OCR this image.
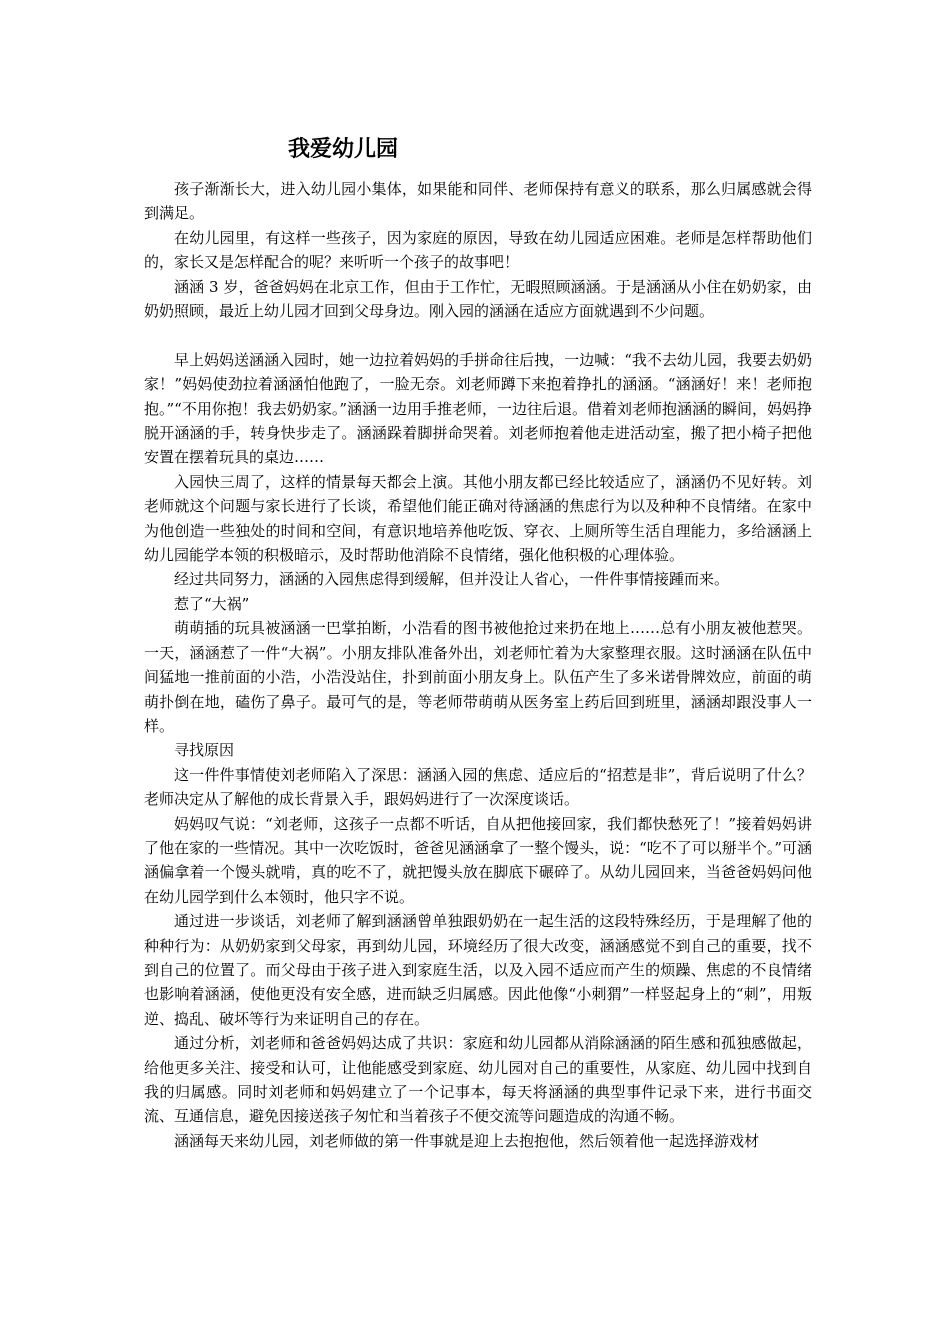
我爱幼儿园

孩子渐渐长大，进入幼儿园小集体，如果能和同伴、老师保持有意义的联系，那么归属感就会得到满足。

在幼儿园里，有这样一些孩子，因为家庭的原因，导致在幼儿园适应困难。老师是怎样帮助他们的，家长又是怎样配合的呢？来听听一个孩子的故事吧！

涵涵 3 岁，爸爸妈妈在北京工作，但由于工作忙，无暇照顾涵涵。于是涵涵从小住在奶奶家，由奶奶照顾，最近上幼儿园才回到父母身边。刚入园的涵涵在适应方面就遇到不少问题。

早上妈妈送涵涵入园时，她一边拉着妈妈的手拼命往后拽，一边喊：“我不去幼儿园，我要去奶奶家！”妈妈使劲拉着涵涵怕他跑了，一脸无奈。刘老师蹲下来抱着挣扎的涵涵。“涵涵好！来！老师抱抱。”“不用你抱！我去奶奶家。”涵涵一边用手推老师，一边往后退。借着刘老师抱涵涵的瞬间，妈妈挣脱开涵涵的手，转身快步走了。涵涵跺着脚拼命哭着。刘老师抱着他走进活动室，搬了把小椅子把他安置在摆着玩具的桌边……

入园快三周了，这样的情景每天都会上演。其他小朋友都已经比较适应了，涵涵仍不见好转。刘老师就这个问题与家长进行了长谈，希望他们能正确对待涵涵的焦虑行为以及种种不良情绪。在家中为他创造一些独处的时间和空间，有意识地培养他吃饭、穿衣、上厕所等生活自理能力，多给涵涵上幼儿园能学本领的积极暗示，及时帮助他消除不良情绪，强化他积极的心理体验。

经过共同努力，涵涵的入园焦虑得到缓解，但并没让人省心，一件件事情接踵而来。

惹了“大祸”

萌萌插的玩具被涵涵一巴掌拍断，小浩看的图书被他抢过来扔在地上……总有小朋友被他惹哭。一天，涵涵惹了一件“大祸”。小朋友排队准备外出，刘老师忙着为大家整理衣服。这时涵涵在队伍中间猛地一推前面的小浩，小浩没站住，扑到前面小朋友身上。队伍产生了多米诺骨牌效应，前面的萌萌扑倒在地，磕伤了鼻子。最可气的是，等老师带萌萌从医务室上药后回到班里，涵涵却跟没事人一样。

寻找原因

这一件件事情使刘老师陷入了深思：涵涵入园的焦虑、适应后的“招惹是非”，背后说明了什么？老师决定从了解他的成长背景入手，跟妈妈进行了一次深度谈话。

妈妈叹气说：“刘老师，这孩子一点都不听话，自从把他接回家，我们都快愁死了！”接着妈妈讲了他在家的一些情况。其中一次吃饭时，爸爸见涵涵拿了一整个馒头，说：“吃不了可以掰半个。”可涵涵偏拿着一个馒头就啃，真的吃不了，就把馒头放在脚底下碾碎了。从幼儿园回来，当爸爸妈妈问他在幼儿园学到什么本领时，他只字不说。

通过进一步谈话，刘老师了解到涵涵曾单独跟奶奶在一起生活的这段特殊经历，于是理解了他的种种行为：从奶奶家到父母家，再到幼儿园，环境经历了很大改变，涵涵感觉不到自己的重要，找不到自己的位置了。而父母由于孩子进入到家庭生活，以及入园不适应而产生的烦躁、焦虑的不良情绪也影响着涵涵，使他更没有安全感，进而缺乏归属感。因此他像“小刺猬”一样竖起身上的“刺”，用叛逆、捣乱、破坏等行为来证明自己的存在。

通过分析，刘老师和爸爸妈妈达成了共识：家庭和幼儿园都从消除涵涵的陌生感和孤独感做起，给他更多关注、接受和认可，让他能感受到家庭、幼儿园对自己的重要性，从家庭、幼儿园中找到自我的归属感。同时刘老师和妈妈建立了一个记事本，每天将涵涵的典型事件记录下来，进行书面交流、互通信息，避免因接送孩子匆忙和当着孩子不便交流等问题造成的沟通不畅。

涵涵每天来幼儿园，刘老师做的第一件事就是迎上去抱抱他，然后领着他一起选择游戏材
